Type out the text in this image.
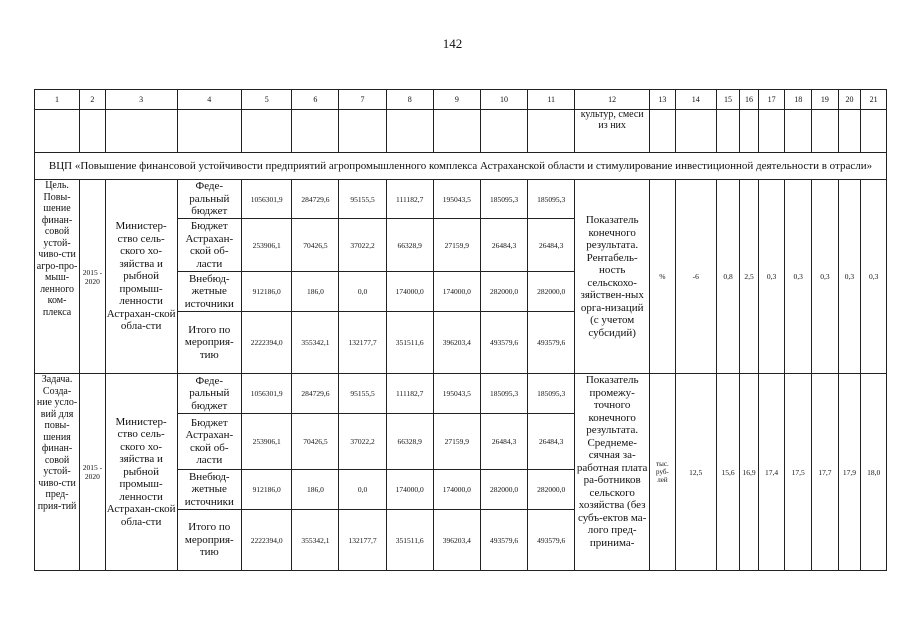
142
1	2	3	4	5	6	7	8	9	10	11	12	13	14	15	16	17	18	19	20	21
											культур, смеси из них									
ВЦП «Повышение финансовой устойчивости предприятий агропромышленного комплекса Астраханской области и стимулирование инвестиционной деятельности в отрасли»																				
Цель. Повы-шение финан-совой устой-чиво-сти агро-про-мыш-ленного ком-плекса	2015 - 2020	Министер-ство сель-ского хо-зяйства и рыбной промыш-ленности Астрахан-ской обла-сти	Феде-ральный бюджет	1056301,9	284729,6	95155,5	111182,7	195043,5	185095,3	185095,3	Показатель конечного результата. Рентабель-ность сельскохо-зяйствен-ных орга-низаций (с учетом субсидий)	%	-6	0,8	2,5	0,3	0,3	0,3	0,3	0,3
			Бюджет Астрахан-ской об-ласти	253906,1	70426,5	37022,2	66328,9	27159,9	26484,3	26484,3										
			Внебюд-жетные источники	912186,0	186,0	0,0	174000,0	174000,0	282000,0	282000,0										
			Итого по мероприя-тию	2222394,0	355342,1	132177,7	351511,6	396203,4	493579,6	493579,6										
Задача. Созда-ние усло-вий для повы-шения финан-совой устой-чиво-сти пред-прия-тий	2015 - 2020	Министер-ство сель-ского хо-зяйства и рыбной промыш-ленности Астрахан-ской обла-сти	Феде-ральный бюджет	1056301,9	284729,6	95155,5	111182,7	195043,5	185095,3	185095,3	Показатель промежу-точного конечного результата. Среднеме-сячная за-работная плата ра-ботников сельского хозяйства (без субъ-ектов ма-лого пред-принима-	тыс. руб-лей	12,5	15,6	16,9	17,4	17,5	17,7	17,9	18,0
			Бюджет Астрахан-ской об-ласти	253906,1	70426,5	37022,2	66328,9	27159,9	26484,3	26484,3										
			Внебюд-жетные источники	912186,0	186,0	0,0	174000,0	174000,0	282000,0	282000,0										
			Итого по мероприя-тию	2222394,0	355342,1	132177,7	351511,6	396203,4	493579,6	493579,6										
